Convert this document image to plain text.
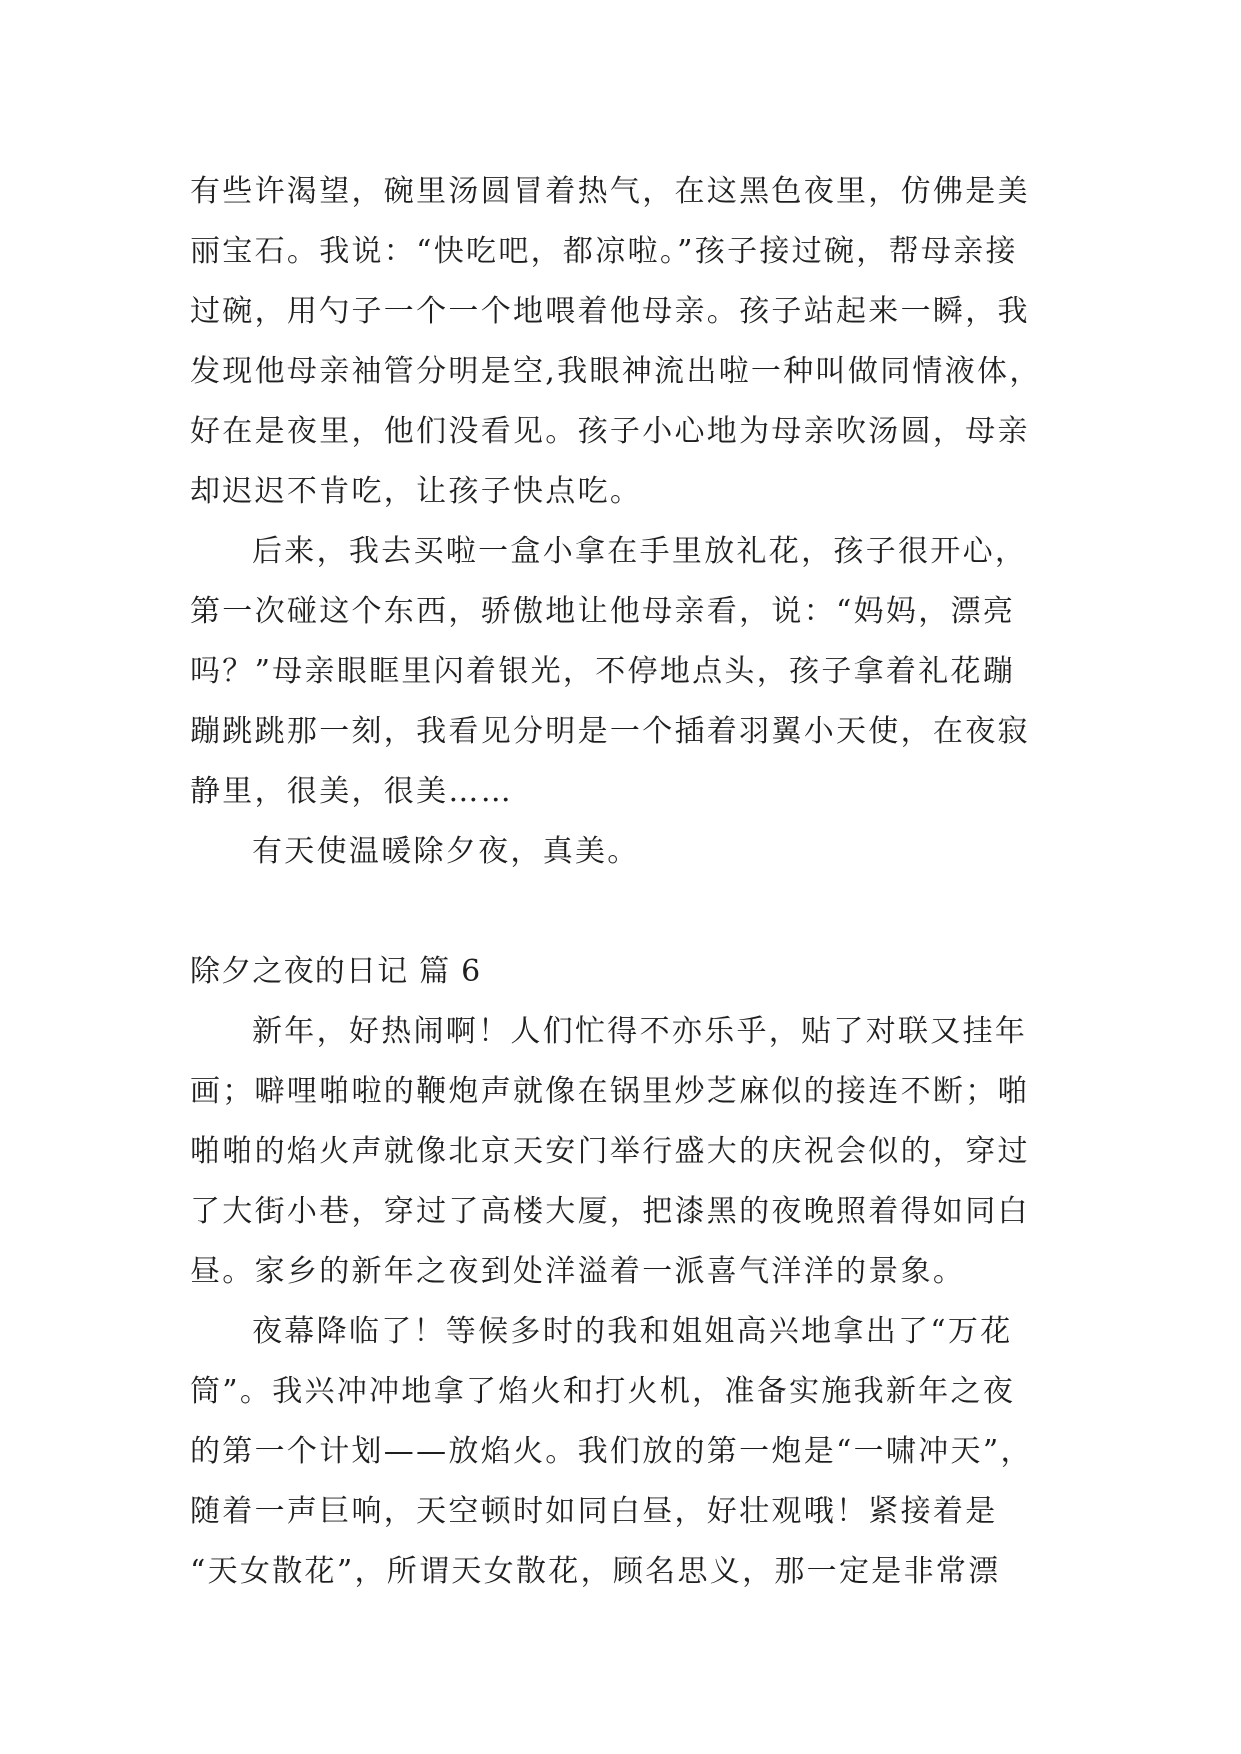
有些许渴望，碗里汤圆冒着热气，在这黑色夜里，仿佛是美
丽宝石。我说：“快吃吧，都凉啦。”孩子接过碗，帮母亲接
过碗，用勺子一个一个地喂着他母亲。孩子站起来一瞬，我
发现他母亲袖管分明是空,我眼神流出啦一种叫做同情液体，
好在是夜里，他们没看见。孩子小心地为母亲吹汤圆，母亲
却迟迟不肯吃，让孩子快点吃。
后来，我去买啦一盒小拿在手里放礼花，孩子很开心，
第一次碰这个东西，骄傲地让他母亲看，说：“妈妈，漂亮
吗？”母亲眼眶里闪着银光，不停地点头，孩子拿着礼花蹦
蹦跳跳那一刻，我看见分明是一个插着羽翼小天使，在夜寂
静里，很美，很美……
有天使温暖除夕夜，真美。
除夕之夜的日记 篇 6
新年，好热闹啊！人们忙得不亦乐乎，贴了对联又挂年
画；噼哩啪啦的鞭炮声就像在锅里炒芝麻似的接连不断；啪
啪啪的焰火声就像北京天安门举行盛大的庆祝会似的，穿过
了大街小巷，穿过了高楼大厦，把漆黑的夜晚照着得如同白
昼。家乡的新年之夜到处洋溢着一派喜气洋洋的景象。
夜幕降临了！等候多时的我和姐姐高兴地拿出了“万花
筒”。我兴冲冲地拿了焰火和打火机，准备实施我新年之夜
的第一个计划——放焰火。我们放的第一炮是“一啸冲天”，
随着一声巨响，天空顿时如同白昼，好壮观哦！紧接着是
“天女散花”，所谓天女散花，顾名思义，那一定是非常漂
